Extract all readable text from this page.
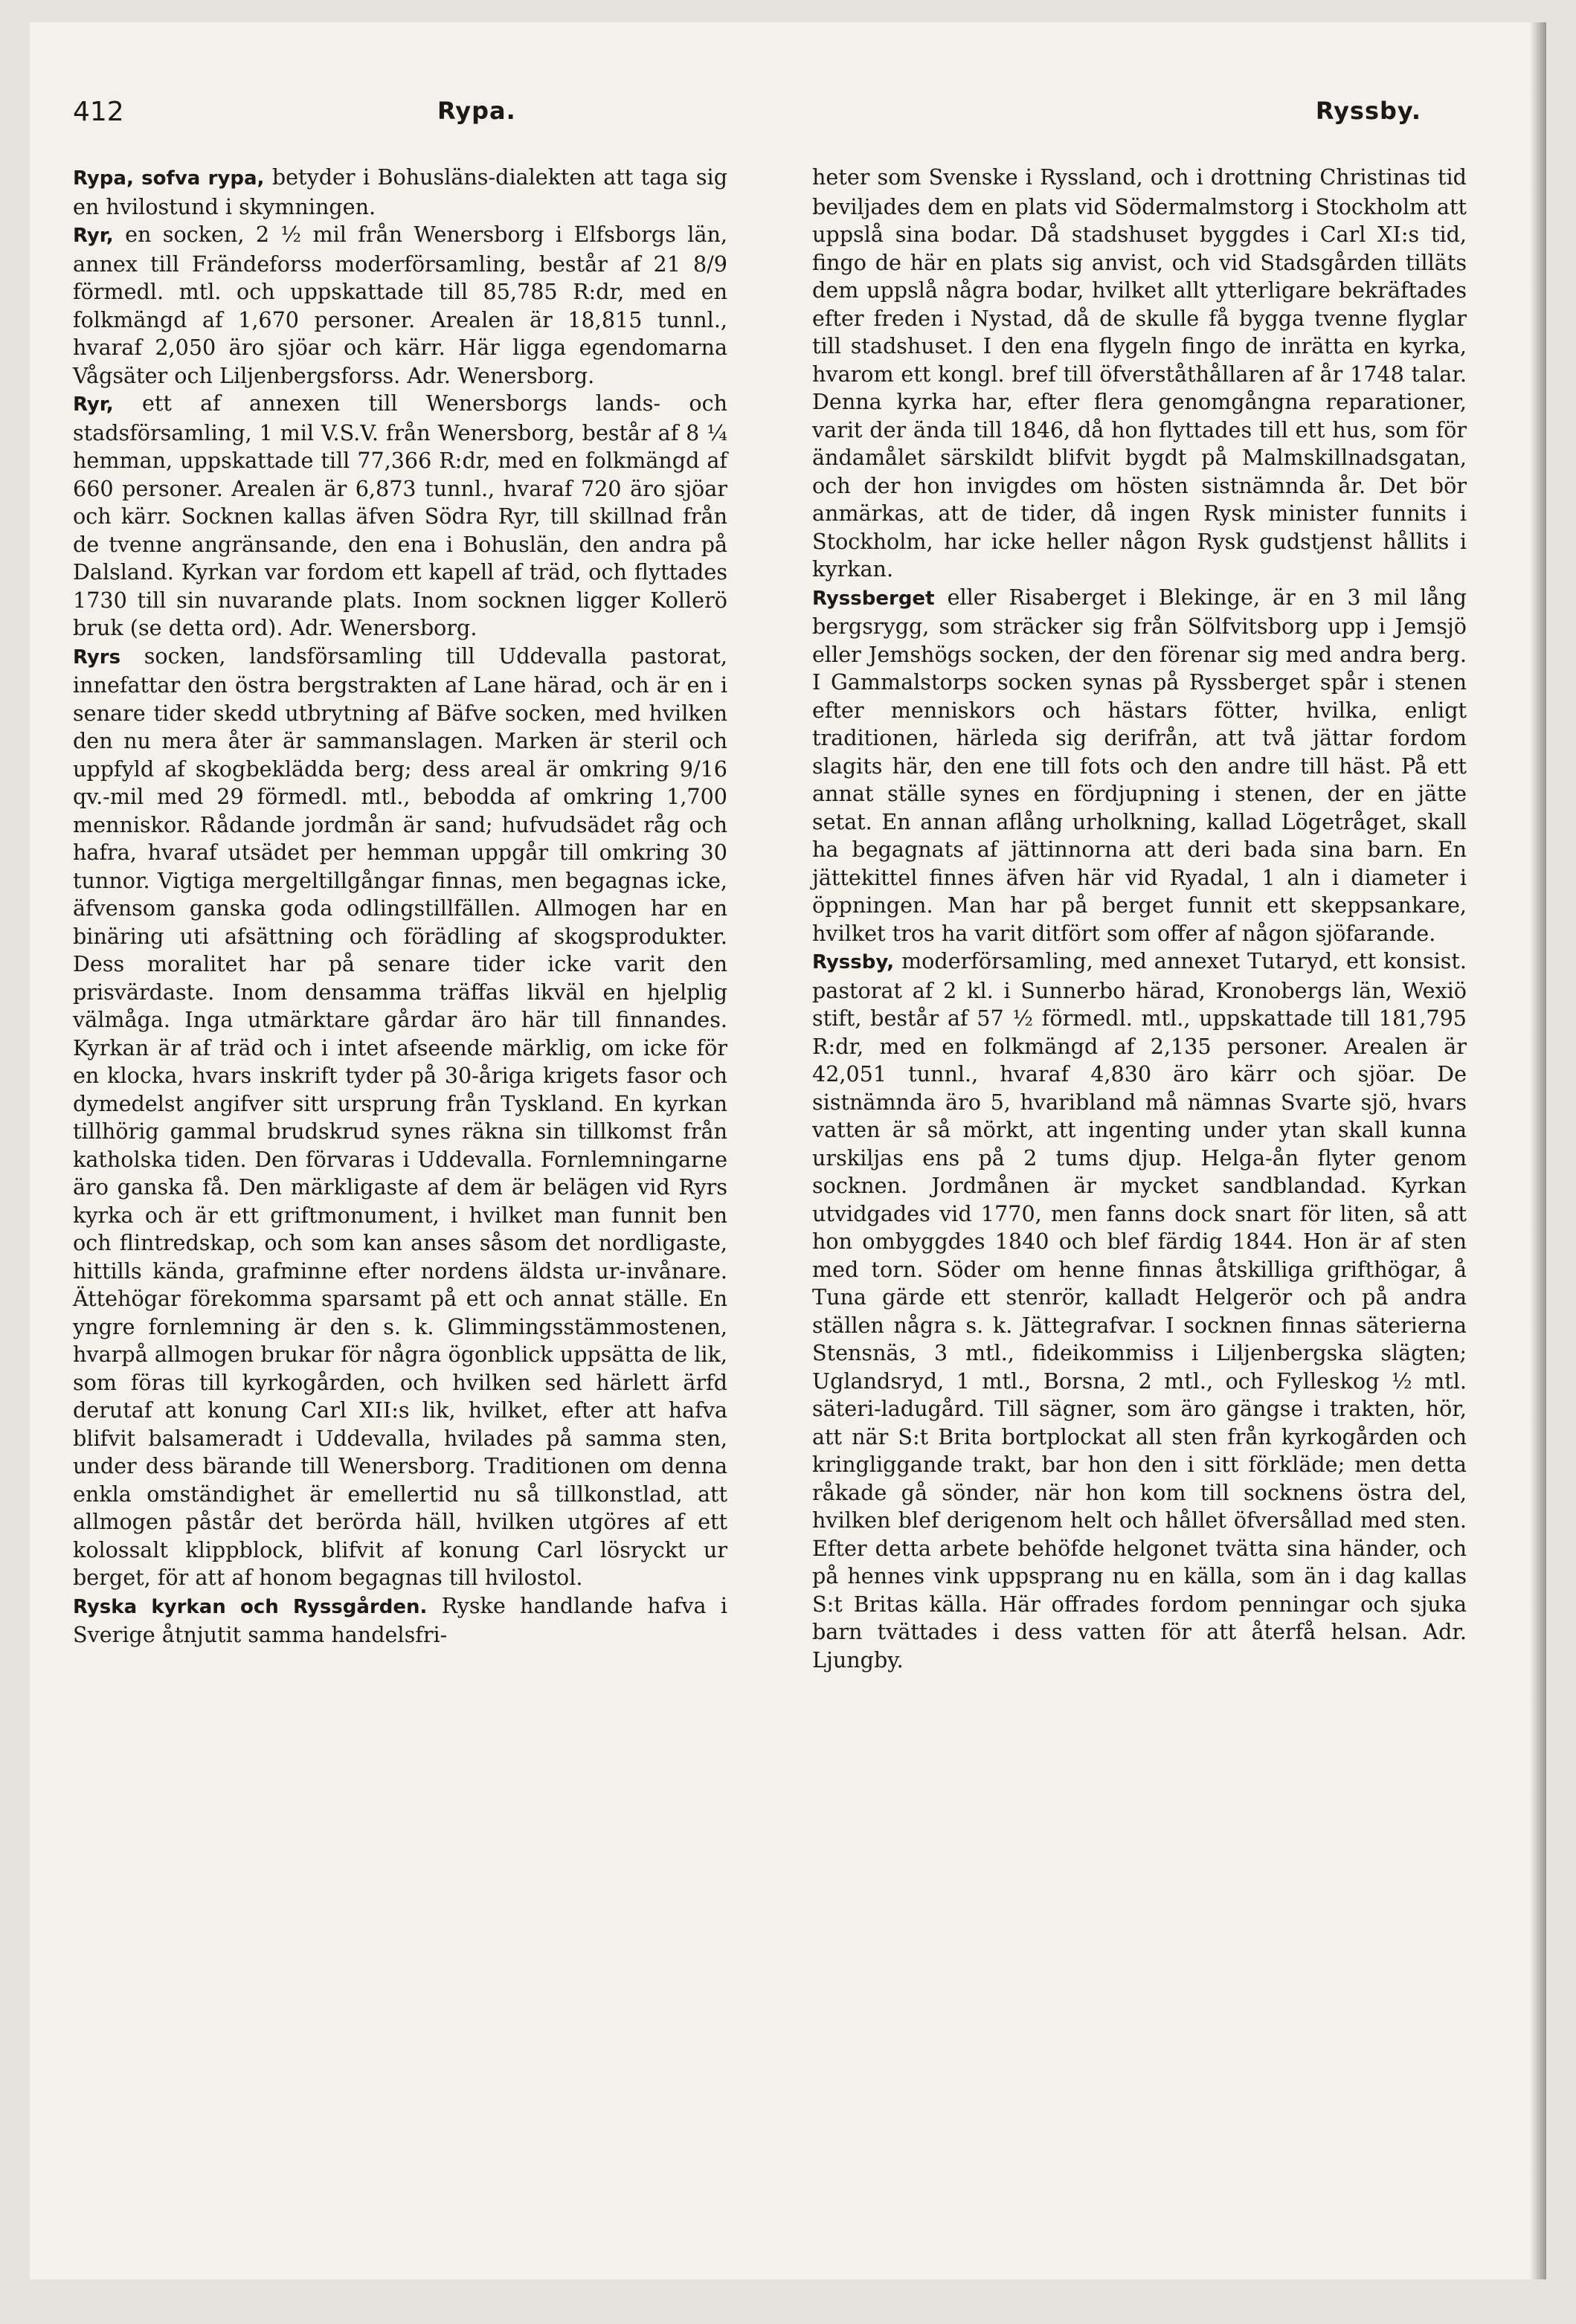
412	Rypa.	Ryssby.

Rypa, sofva rypa, betyder i Bohusläns-dialekten att taga sig en hvilostund i skymningen.

Ryr, en socken, 2 ½ mil från Wenersborg i Elfsborgs län, annex till Frändeforss moderförsamling, består af 21 8/9 förmedl. mtl. och uppskattade till 85,785 R:dr, med en folkmängd af 1,670 personer. Arealen är 18,815 tunnl., hvaraf 2,050 äro sjöar och kärr. Här ligga egendomarna Vågsäter och Liljenbergsforss. Adr. Wenersborg.

Ryr, ett af annexen till Wenersborgs lands- och stadsförsamling, 1 mil V.S.V. från Wenersborg, består af 8 ¼ hemman, uppskattade till 77,366 R:dr, med en folkmängd af 660 personer. Arealen är 6,873 tunnl., hvaraf 720 äro sjöar och kärr. Socknen kallas äfven Södra Ryr, till skillnad från de tvenne angränsande, den ena i Bohuslän, den andra på Dalsland. Kyrkan var fordom ett kapell af träd, och flyttades 1730 till sin nuvarande plats. Inom socknen ligger Kollerö bruk (se detta ord). Adr. Wenersborg.

Ryrs socken, landsförsamling till Uddevalla pastorat, innefattar den östra bergstrakten af Lane härad, och är en i senare tider skedd utbrytning af Bäfve socken, med hvilken den nu mera åter är sammanslagen. Marken är steril och uppfyld af skogbeklädda berg; dess areal är omkring 9/16 qv.-mil med 29 förmedl. mtl., bebodda af omkring 1,700 menniskor. Rådande jordmån är sand; hufvudsädet råg och hafra, hvaraf utsädet per hemman uppgår till omkring 30 tunnor. Vigtiga mergeltillgångar finnas, men begagnas icke, äfvensom ganska goda odlingstillfällen. Allmogen har en binäring uti afsättning och förädling af skogsprodukter. Dess moralitet har på senare tider icke varit den prisvärdaste. Inom densamma träffas likväl en hjelplig välmåga. Inga utmärktare gårdar äro här till finnandes. Kyrkan är af träd och i intet afseende märklig, om icke för en klocka, hvars inskrift tyder på 30-åriga krigets fasor och dymedelst angifver sitt ursprung från Tyskland. En kyrkan tillhörig gammal brudskrud synes räkna sin tillkomst från katholska tiden. Den förvaras i Uddevalla. Fornlemningarne äro ganska få. Den märkligaste af dem är belägen vid Ryrs kyrka och är ett griftmonument, i hvilket man funnit ben och flintredskap, och som kan anses såsom det nordligaste, hittills kända, grafminne efter nordens äldsta ur-invånare. Ättehögar förekomma sparsamt på ett och annat ställe. En yngre fornlemning är den s. k. Glimmingsstämmostenen, hvarpå allmogen brukar för några ögonblick uppsätta de lik, som föras till kyrkogården, och hvilken sed härlett ärfd derutaf att konung Carl XII:s lik, hvilket, efter att hafva blifvit balsameradt i Uddevalla, hvilades på samma sten, under dess bärande till Wenersborg. Traditionen om denna enkla omständighet är emellertid nu så tillkonstlad, att allmogen påstår det berörda häll, hvilken utgöres af ett kolossalt klippblock, blifvit af konung Carl lösryckt ur berget, för att af honom begagnas till hvilostol.

Ryska kyrkan och Ryssgården. Ryske handlande hafva i Sverige åtnjutit samma handelsfri-

heter som Svenske i Ryssland, och i drottning Christinas tid beviljades dem en plats vid Södermalmstorg i Stockholm att uppslå sina bodar. Då stadshuset byggdes i Carl XI:s tid, fingo de här en plats sig anvist, och vid Stadsgården tilläts dem uppslå några bodar, hvilket allt ytterligare bekräftades efter freden i Nystad, då de skulle få bygga tvenne flyglar till stadshuset. I den ena flygeln fingo de inrätta en kyrka, hvarom ett kongl. bref till öfverståthållaren af år 1748 talar. Denna kyrka har, efter flera genomgångna reparationer, varit der ända till 1846, då hon flyttades till ett hus, som för ändamålet särskildt blifvit bygdt på Malmskillnadsgatan, och der hon invigdes om hösten sistnämnda år. Det bör anmärkas, att de tider, då ingen Rysk minister funnits i Stockholm, har icke heller någon Rysk gudstjenst hållits i kyrkan.

Ryssberget eller Risaberget i Blekinge, är en 3 mil lång bergsrygg, som sträcker sig från Sölfvitsborg upp i Jemsjö eller Jemshögs socken, der den förenar sig med andra berg. I Gammalstorps socken synas på Ryssberget spår i stenen efter menniskors och hästars fötter, hvilka, enligt traditionen, härleda sig derifrån, att två jättar fordom slagits här, den ene till fots och den andre till häst. På ett annat ställe synes en fördjupning i stenen, der en jätte setat. En annan aflång urholkning, kallad Lögetråget, skall ha begagnats af jättinnorna att deri bada sina barn. En jättekittel finnes äfven här vid Ryadal, 1 aln i diameter i öppningen. Man har på berget funnit ett skeppsankare, hvilket tros ha varit ditfört som offer af någon sjöfarande.

Ryssby, moderförsamling, med annexet Tutaryd, ett konsist. pastorat af 2 kl. i Sunnerbo härad, Kronobergs län, Wexiö stift, består af 57 ½ förmedl. mtl., uppskattade till 181,795 R:dr, med en folkmängd af 2,135 personer. Arealen är 42,051 tunnl., hvaraf 4,830 äro kärr och sjöar. De sistnämnda äro 5, hvaribland må nämnas Svarte sjö, hvars vatten är så mörkt, att ingenting under ytan skall kunna urskiljas ens på 2 tums djup. Helga-ån flyter genom socknen. Jordmånen är mycket sandblandad. Kyrkan utvidgades vid 1770, men fanns dock snart för liten, så att hon ombyggdes 1840 och blef färdig 1844. Hon är af sten med torn. Söder om henne finnas åtskilliga grifthögar, å Tuna gärde ett stenrör, kalladt Helgerör och på andra ställen några s. k. Jättegrafvar. I socknen finnas säterierna Stensnäs, 3 mtl., fideikommiss i Liljenbergska slägten; Uglandsryd, 1 mtl., Borsna, 2 mtl., och Fylleskog ½ mtl. säteri-ladugård. Till sägner, som äro gängse i trakten, hör, att när S:t Brita bortplockat all sten från kyrkogården och kringliggande trakt, bar hon den i sitt förkläde; men detta råkade gå sönder, när hon kom till socknens östra del, hvilken blef derigenom helt och hållet öfversållad med sten. Efter detta arbete behöfde helgonet tvätta sina händer, och på hennes vink uppsprang nu en källa, som än i dag kallas S:t Britas källa. Här offrades fordom penningar och sjuka barn tvättades i dess vatten för att återfå helsan. Adr. Ljungby.
